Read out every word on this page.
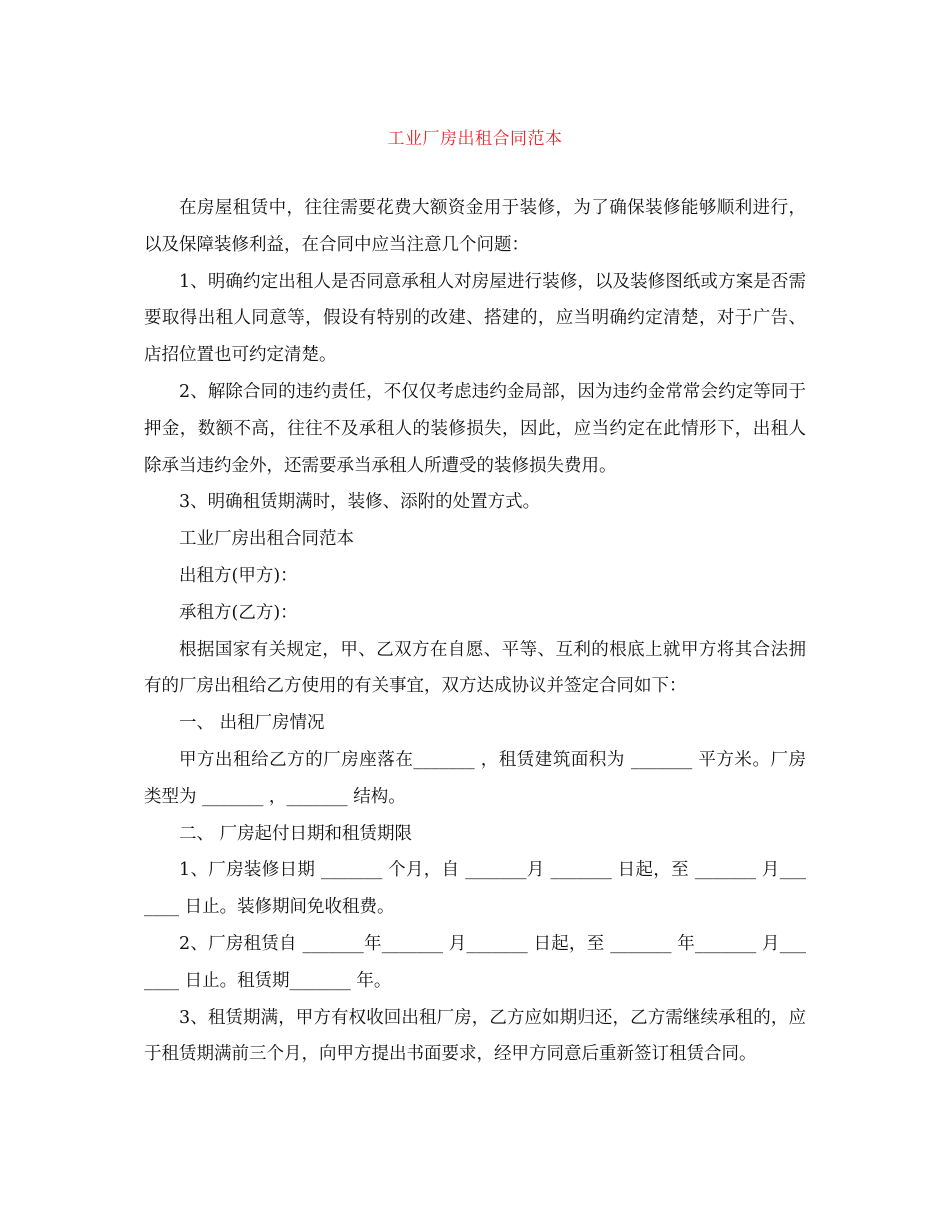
工业厂房出租合同范本

在房屋租赁中，往往需要花费大额资金用于装修，为了确保装修能够顺利进行，以及保障装修利益，在合同中应当注意几个问题：

1、明确约定出租人是否同意承租人对房屋进行装修，以及装修图纸或方案是否需要取得出租人同意等，假设有特别的改建、搭建的，应当明确约定清楚，对于广告、店招位置也可约定清楚。

2、解除合同的违约责任，不仅仅考虑违约金局部，因为违约金常常会约定等同于押金，数额不高，往往不及承租人的装修损失，因此，应当约定在此情形下，出租人除承当违约金外，还需要承当承租人所遭受的装修损失费用。

3、明确租赁期满时，装修、添附的处置方式。

工业厂房出租合同范本

出租方(甲方)：

承租方(乙方)：

根据国家有关规定，甲、乙双方在自愿、平等、互利的根底上就甲方将其合法拥有的厂房出租给乙方使用的有关事宜，双方达成协议并签定合同如下：

一、 出租厂房情况

甲方出租给乙方的厂房座落在_______ ，租赁建筑面积为 _______ 平方米。厂房类型为 _______ ，_______ 结构。

二、 厂房起付日期和租赁期限

1、厂房装修日期 _______ 个月，自 _______月 _______ 日起，至 _______ 月_______ 日止。装修期间免收租费。

2、厂房租赁自 _______年_______ 月_______ 日起，至 _______ 年_______ 月_______ 日止。租赁期_______ 年。

3、租赁期满，甲方有权收回出租厂房，乙方应如期归还，乙方需继续承租的，应于租赁期满前三个月，向甲方提出书面要求，经甲方同意后重新签订租赁合同。
